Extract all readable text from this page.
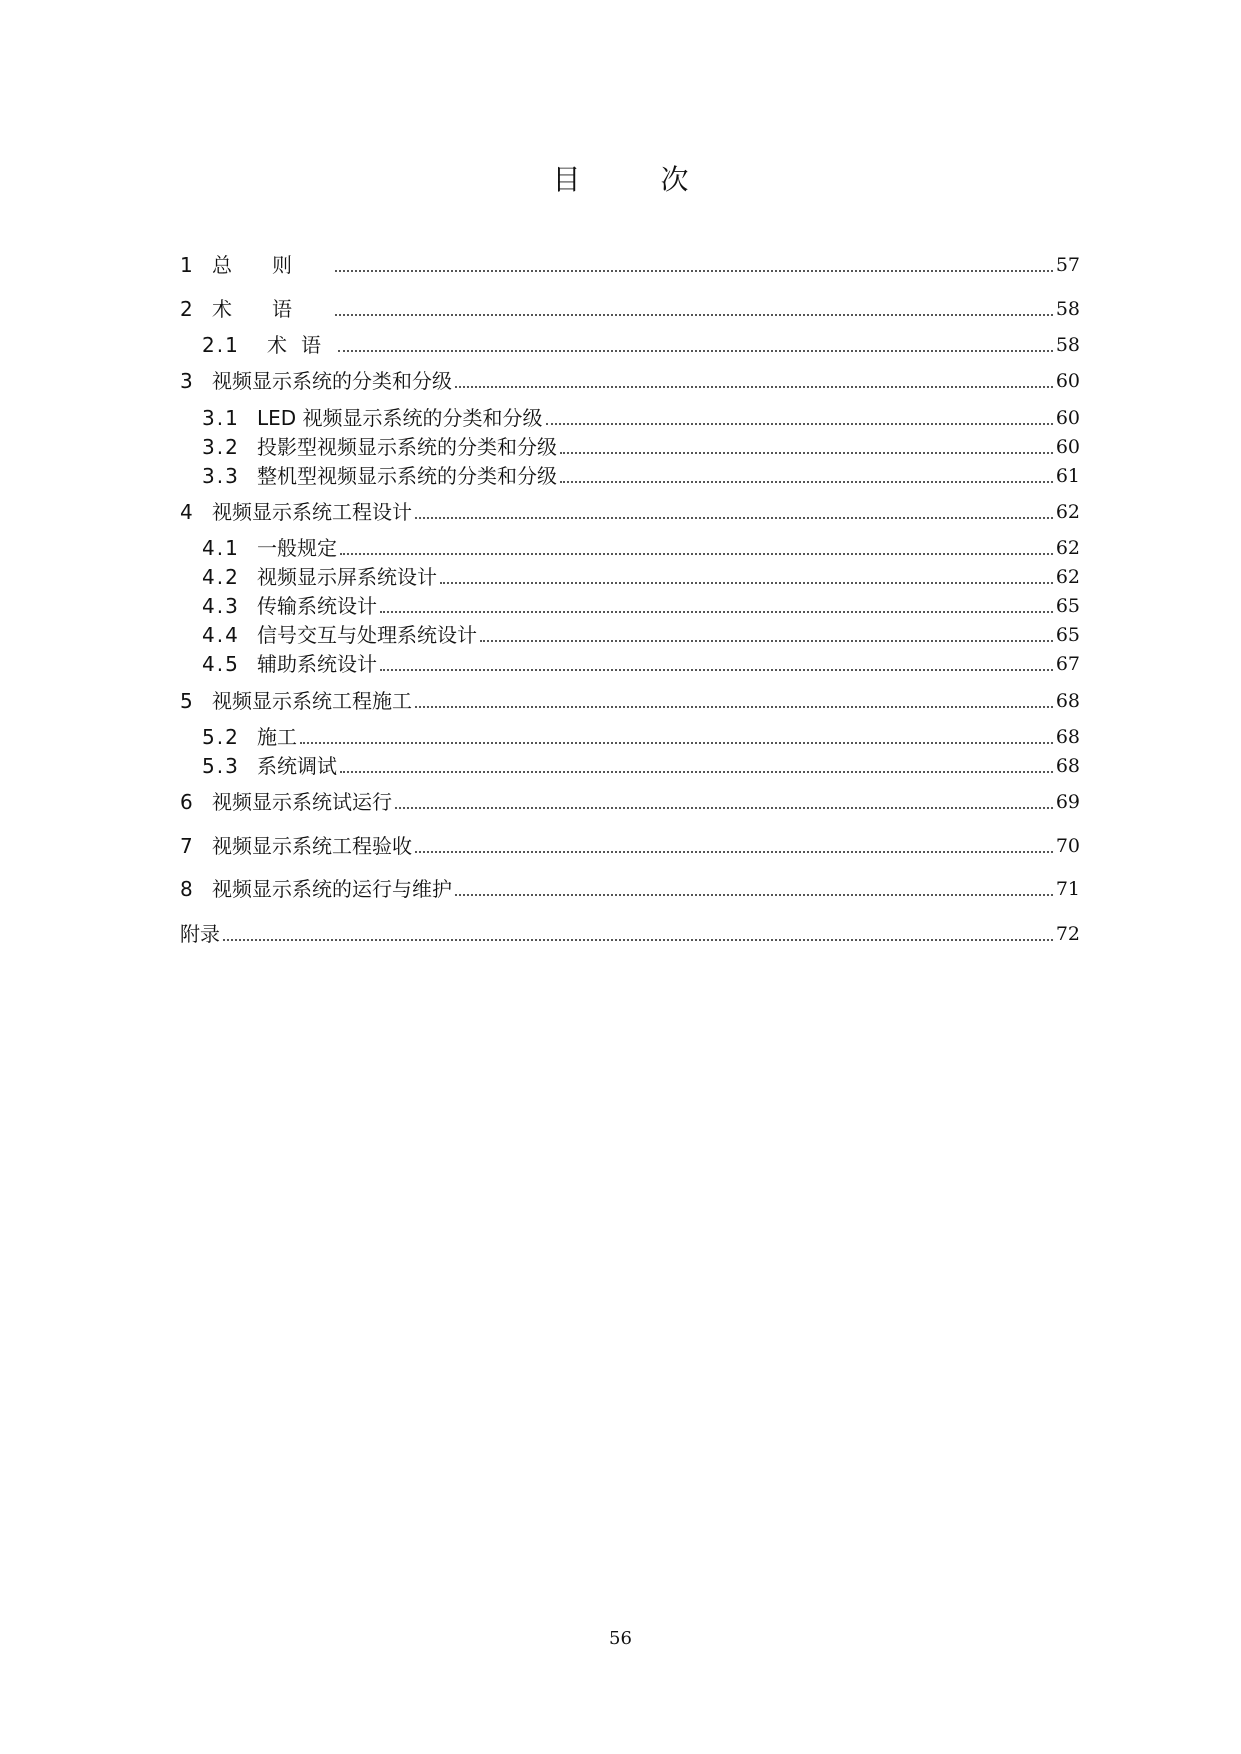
目次
1 总则	57
2 术语	58
2.1	术语	58
3 视频显示系统的分类和分级	60
3.1 LED 视频显示系统的分类和分级	60
3.2 投影型视频显示系统的分类和分级	60
3.3 整机型视频显示系统的分类和分级	61
4 视频显示系统工程设计	62
4.1 一般规定	62
4.2 视频显示屏系统设计	62
4.3 传输系统设计	65
4.4 信号交互与处理系统设计	65
4.5 辅助系统设计	67
5 视频显示系统工程施工	68
5.2 施工	68
5.3 系统调试	68
6 视频显示系统试运行	69
7 视频显示系统工程验收	70
8 视频显示系统的运行与维护	71
附录	72
56
